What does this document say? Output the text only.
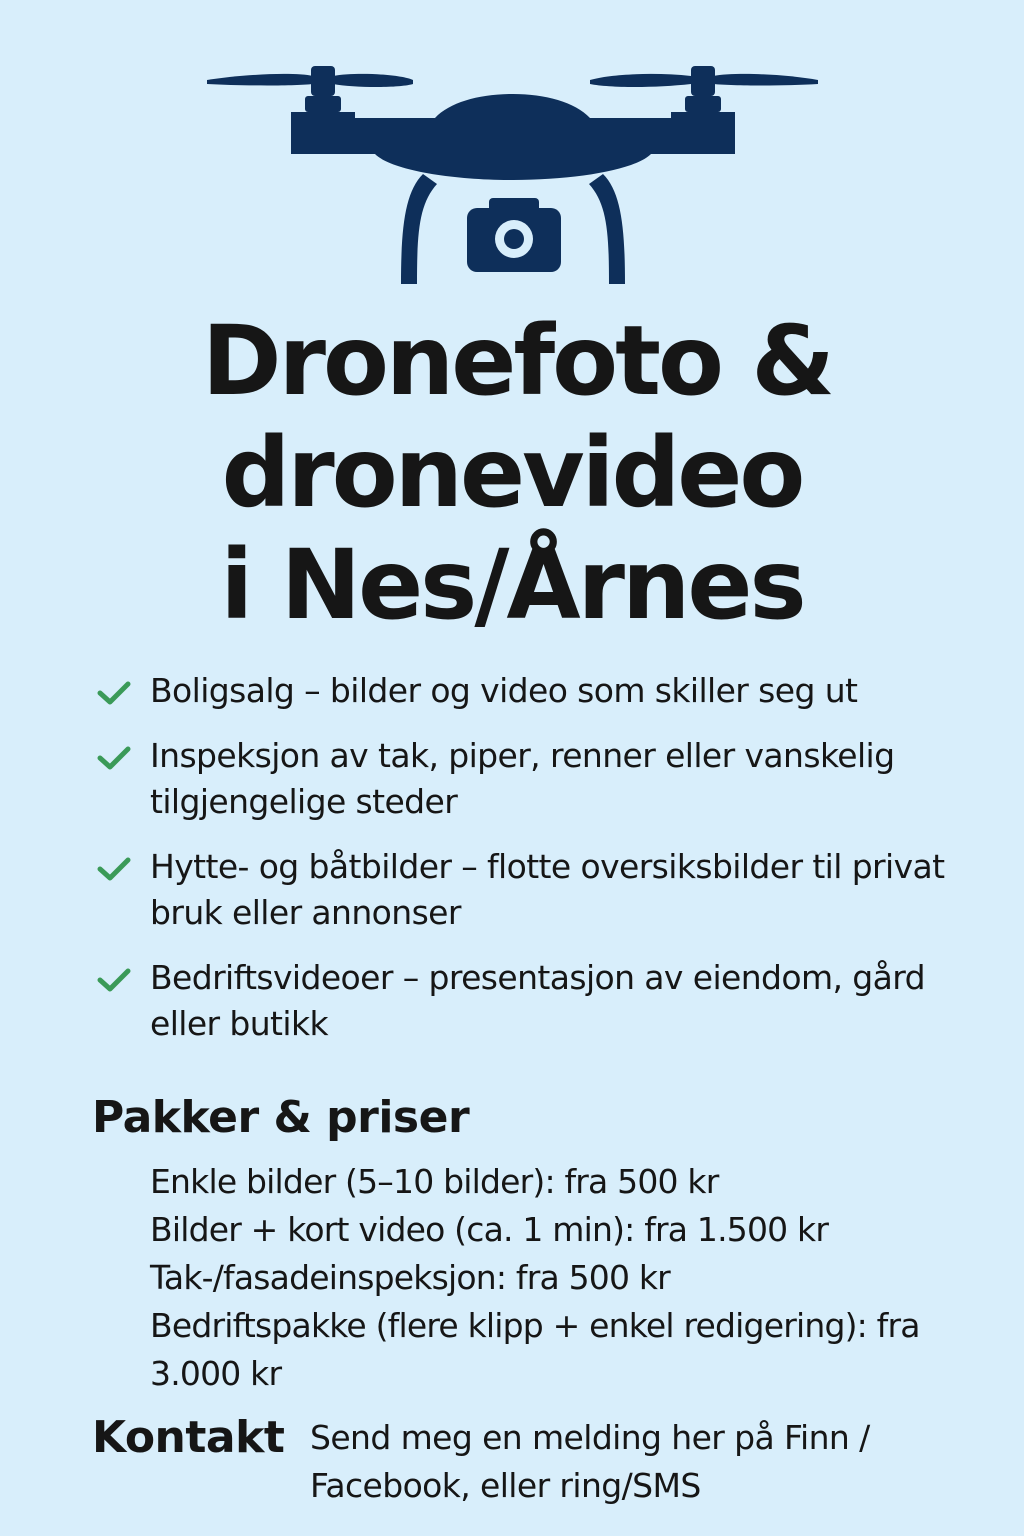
Dronefoto &
dronevideo
i Nes/Årnes
Boligsalg – bilder og video som skiller seg ut
Inspeksjon av tak, piper, renner eller vanskelig tilgjengelige steder
Hytte- og båtbilder – flotte oversiksbilder til privat bruk eller annonser
Bedriftsvideoer – presentasjon av eiendom, gård eller butikk
Pakker & priser
Enkle bilder (5–10 bilder): fra 500 kr
Bilder + kort video (ca. 1 min): fra 1.500 kr
Tak-/fasadeinspeksjon: fra 500 kr
Bedriftspakke (flere klipp + enkel redigering): fra 3.000 kr
Kontakt Send meg en melding her på Finn / Facebook, eller ring/SMS
